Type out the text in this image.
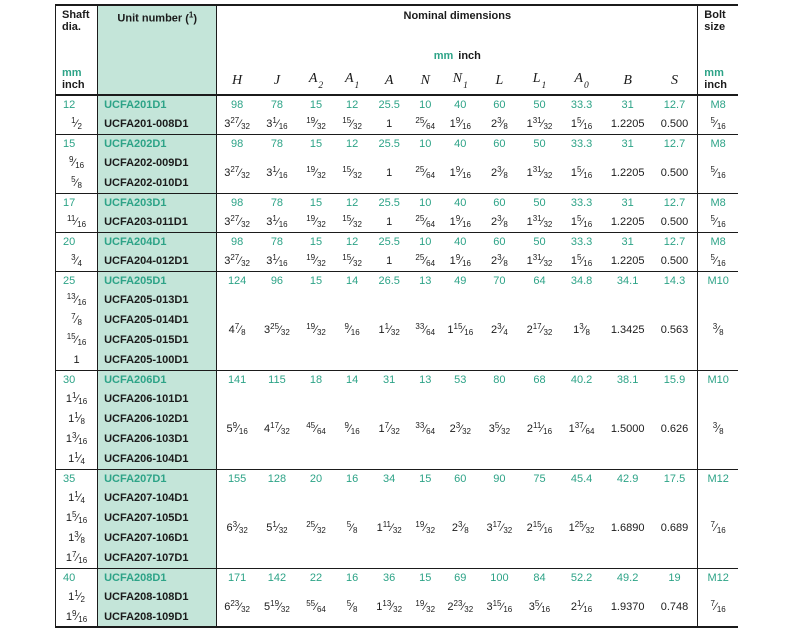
Shaft dia.
mm
inch
	Unit number ($^1$)	Nominal dimensions	Bolt size
mm
inch

		mm inch												
		H	J	$A_2$	$A_1$	A	N	$N_1$	L	$L_1$	$A_0$	B	S	
12	UCFA201D1	98	78	15	12	25.5	10	40	60	50	33.3	31	12.7	M8
$^1$⁄2	UCFA201-008D1	$3^{27}⁄32$	$3^1⁄16$	$^{19}$⁄32	$^{15}$⁄32	1	$^{25}$⁄64	$1^9⁄16$	$2^3⁄8$	$1^{31}⁄32$	$1^5⁄16$	1.2205	0.500	$^5$⁄16
15	UCFA202D1	98	78	15	12	25.5	10	40	60	50	33.3	31	12.7	M8
$^9$⁄16	UCFA202-009D1	$3^{27}⁄32$	$3^1⁄16$	$^{19}$⁄32	$^{15}$⁄32	1	$^{25}$⁄64	$1^9⁄16$	$2^3⁄8$	$1^{31}⁄32$	$1^5⁄16$	1.2205	0.500	$^5$⁄16
$^5$⁄8	UCFA202-010D1													
17	UCFA203D1	98	78	15	12	25.5	10	40	60	50	33.3	31	12.7	M8
$^{11}$⁄16	UCFA203-011D1	$3^{27}⁄32$	$3^1⁄16$	$^{19}$⁄32	$^{15}$⁄32	1	$^{25}$⁄64	$1^9⁄16$	$2^3⁄8$	$1^{31}⁄32$	$1^5⁄16$	1.2205	0.500	$^5$⁄16
20	UCFA204D1	98	78	15	12	25.5	10	40	60	50	33.3	31	12.7	M8
$^3$⁄4	UCFA204-012D1	$3^{27}⁄32$	$3^1⁄16$	$^{19}$⁄32	$^{15}$⁄32	1	$^{25}$⁄64	$1^9⁄16$	$2^3⁄8$	$1^{31}⁄32$	$1^5⁄16$	1.2205	0.500	$^5$⁄16
25	UCFA205D1	124	96	15	14	26.5	13	49	70	64	34.8	34.1	14.3	M10
$^{13}$⁄16	UCFA205-013D1	$4^7⁄8$	$3^{25}⁄32$	$^{19}$⁄32	$^9$⁄16	$1^1⁄32$	$^{33}$⁄64	$1^{15}⁄16$	$2^3⁄4$	$2^{17}⁄32$	$1^3⁄8$	1.3425	0.563	$^3$⁄8
$^7$⁄8	UCFA205-014D1													
$^{15}$⁄16	UCFA205-015D1													
1	UCFA205-100D1													
30	UCFA206D1	141	115	18	14	31	13	53	80	68	40.2	38.1	15.9	M10
$1^1⁄16$	UCFA206-101D1	$5^9⁄16$	$4^{17}⁄32$	$^{45}$⁄64	$^9$⁄16	$1^7⁄32$	$^{33}$⁄64	$2^3⁄32$	$3^5⁄32$	$2^{11}⁄16$	$1^{37}⁄64$	1.5000	0.626	$^3$⁄8
$1^1⁄8$	UCFA206-102D1													
$1^3⁄16$	UCFA206-103D1													
$1^1⁄4$	UCFA206-104D1													
35	UCFA207D1	155	128	20	16	34	15	60	90	75	45.4	42.9	17.5	M12
$1^1⁄4$	UCFA207-104D1	$6^3⁄32$	$5^1⁄32$	$^{25}$⁄32	$^5$⁄8	$1^{11}⁄32$	$^{19}$⁄32	$2^3⁄8$	$3^{17}⁄32$	$2^{15}⁄16$	$1^{25}⁄32$	1.6890	0.689	$^7$⁄16
$1^5⁄16$	UCFA207-105D1													
$1^3⁄8$	UCFA207-106D1													
$1^7⁄16$	UCFA207-107D1													
40	UCFA208D1	171	142	22	16	36	15	69	100	84	52.2	49.2	19	M12
$1^1⁄2$	UCFA208-108D1	$6^{23}⁄32$	$5^{19}⁄32$	$^{55}$⁄64	$^5$⁄8	$1^{13}⁄32$	$^{19}$⁄32	$2^{23}⁄32$	$3^{15}⁄16$	$3^5⁄16$	$2^1⁄16$	1.9370	0.748	$^7$⁄16
$1^9⁄16$	UCFA208-109D1													
